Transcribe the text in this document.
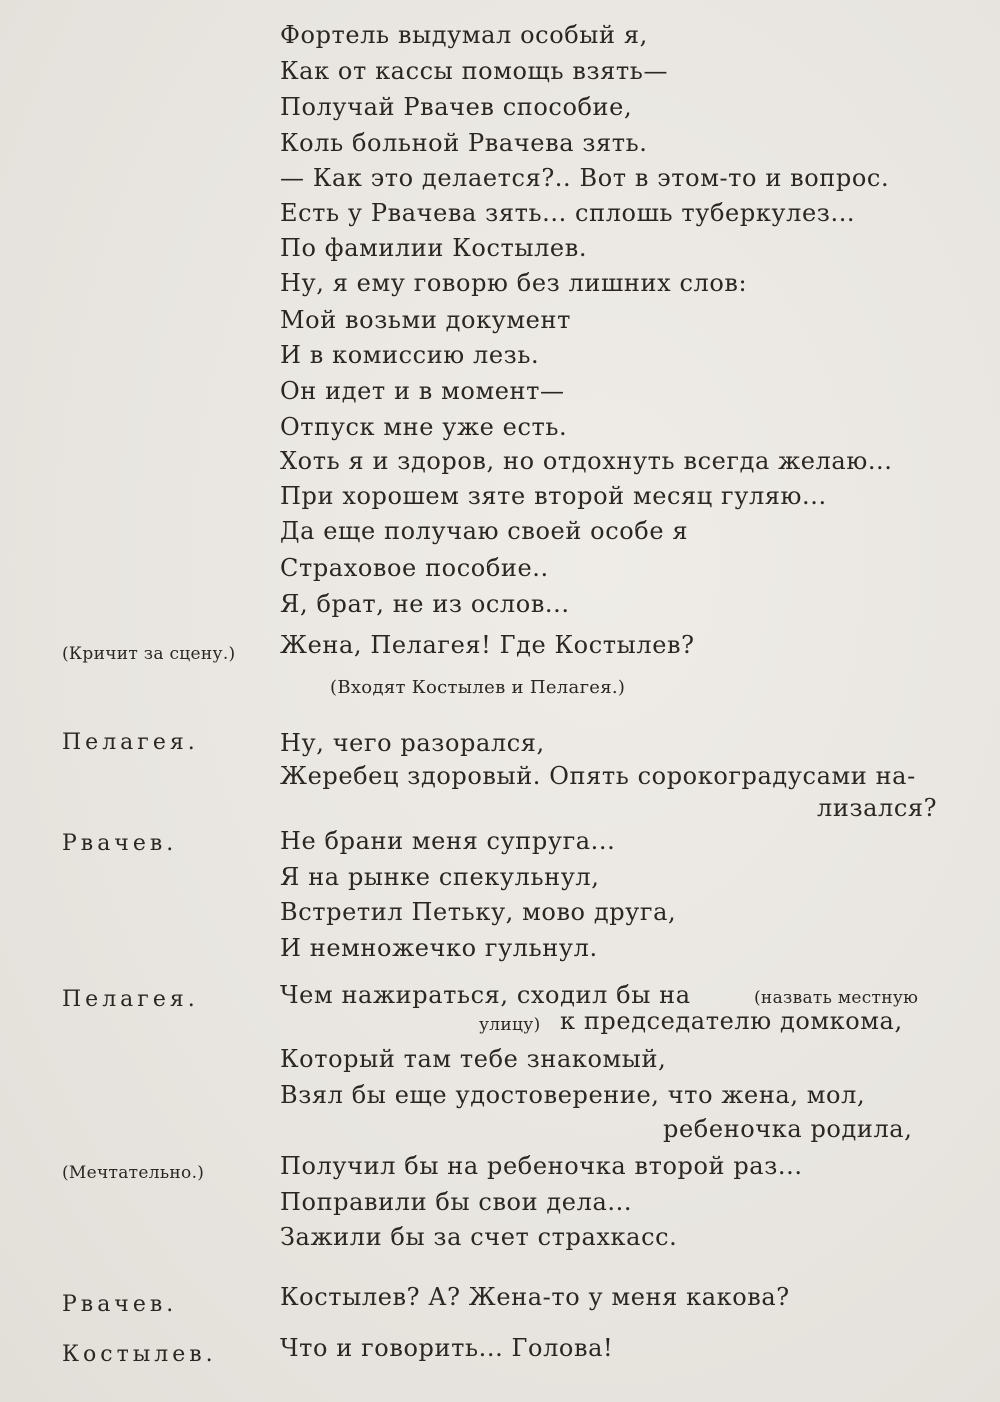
Фортель выдумал особый я,
Как от кассы помощь взять—
Получай Рвачев способие,
Коль больной Рвачева зять.
— Как это делается?.. Вот в этом-то и вопрос.
Есть у Рвачева зять... сплошь туберкулез...
По фамилии Костылев.
Ну, я ему говорю без лишних слов:
Мой возьми документ
И в комиссию лезь.
Он идет и в момент—
Отпуск мне уже есть.
Хоть я и здоров, но отдохнуть всегда желаю...
При хорошем зяте второй месяц гуляю...
Да еще получаю своей особе я
Страховое пособие..
Я, брат, не из ослов...
(Кричит за сцену.) Жена, Пелагея! Где Костылев?
(Входят Костылев и Пелагея.)
Пелагея.	Ну, чего разорался,
Жеребец здоровый. Опять сорокоградусами на-
лизался?
Рвачев.	Не брани меня супруга...
Я на рынке спекульнул,
Встретил Петьку, мово друга,
И немножечко гульнул.
Пелагея.	Чем нажираться, сходил бы на	(назвать местную
улицу) к председателю домкома,
Который там тебе знакомый,
Взял бы еще удостоверение, что жена, мол,
ребеночка родила,
(Мечтательно.)	Получил бы на ребеночка второй раз...
Поправили бы свои дела...
Зажили бы за счет страхкасс.
Рвачев.	Костылев? А? Жена-то у меня какова?
Костылев.	Что и говорить... Голова!
